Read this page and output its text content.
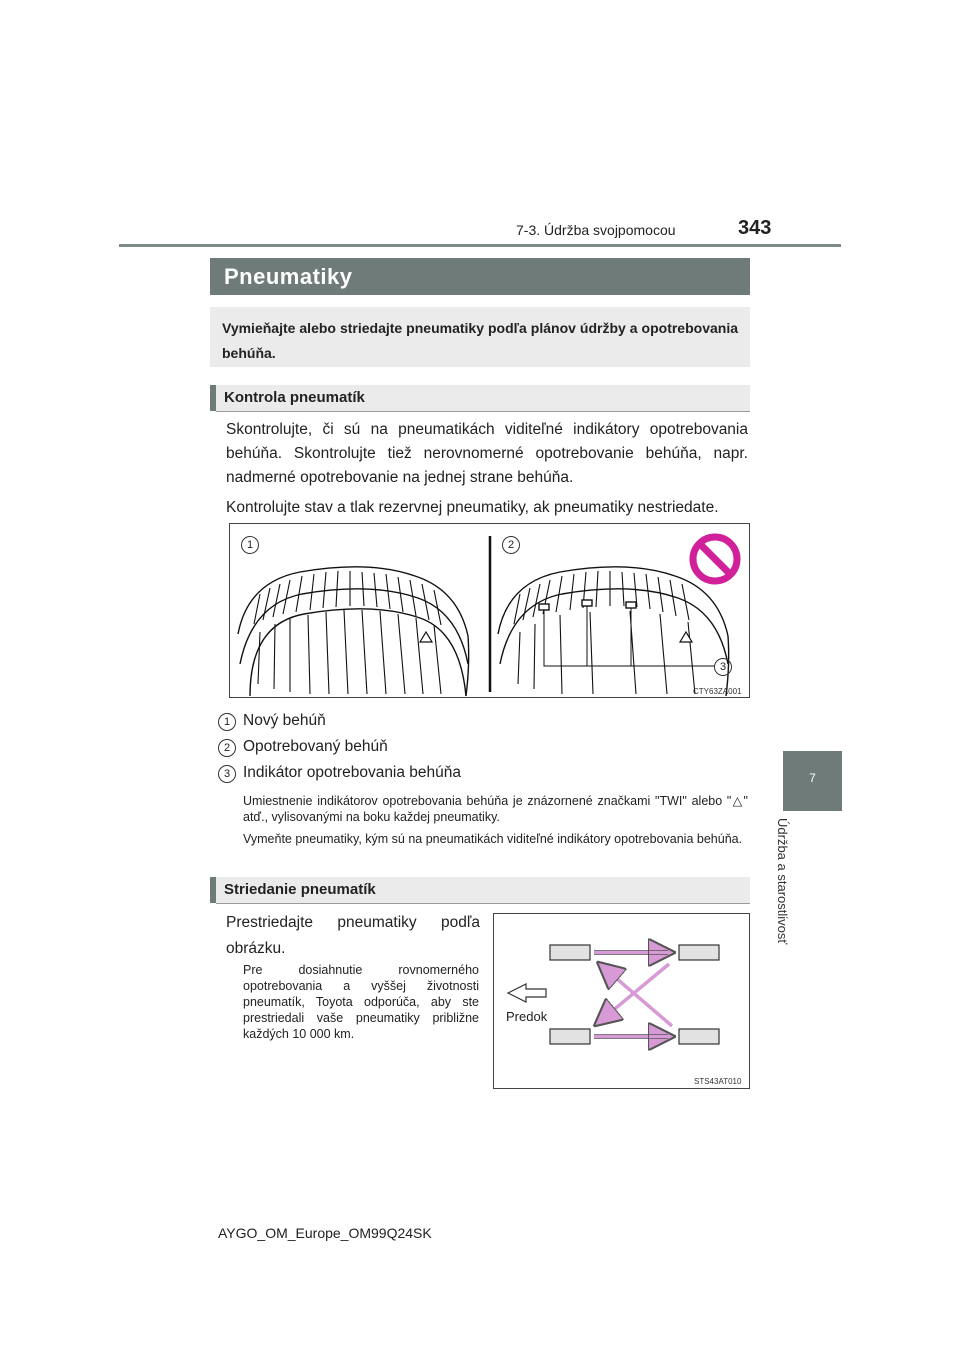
7-3. Údržba svojpomocou	343
7
Údržba a starostlivosť
Pneumatiky

Vymieňajte alebo striedajte pneumatiky podľa plánov údržby a opotrebovania behúňa.

Kontrola pneumatík

Skontrolujte, či sú na pneumatikách viditeľné indikátory opotrebovania behúňa. Skontrolujte tiež nerovnomerné opotrebovanie behúňa, napr. nadmerné opotrebovanie na jednej strane behúňa.

Kontrolujte stav a tlak rezervnej pneumatiky, ak pneumatiky nestriedate.

1	2
3
CTY63ZA001
1 Nový behúň
2 Opotrebovaný behúň
3 Indikátor opotrebovania behúňa

Umiestnenie indikátorov opotrebovania behúňa je znázornené značkami "TWI" alebo "△" atď., vylisovanými na boku každej pneumatiky.

Vymeňte pneumatiky, kým sú na pneumatikách viditeľné indikátory opotrebovania behúňa.

Striedanie pneumatík

Prestriedajte pneumatiky podľa obrázku.

Pre dosiahnutie rovnomerného opotrebovania a vyššej životnosti pneumatík, Toyota odporúča, aby ste prestriedali vaše pneumatiky približne každých 10 000 km.

Predok
STS43AT010
AYGO_OM_Europe_OM99Q24SK
